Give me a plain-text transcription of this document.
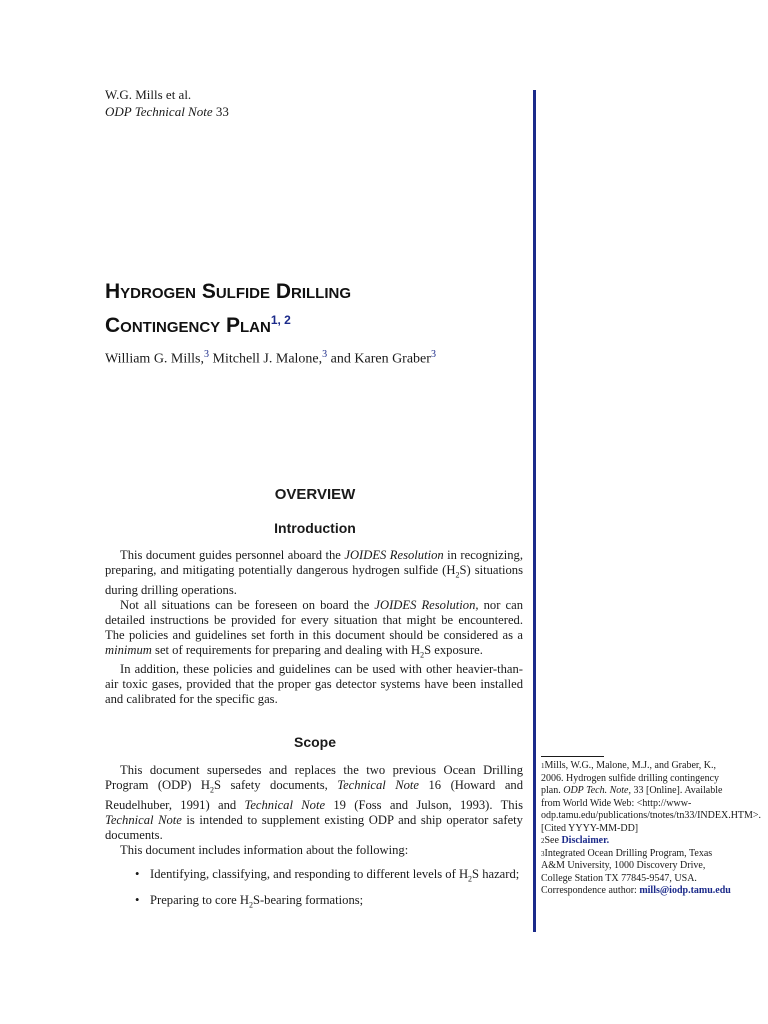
W.G. Mills et al.
ODP Technical Note 33
Hydrogen Sulfide Drilling
Contingency Plan$^{1, 2}$
William G. Mills,$^3$ Mitchell J. Malone,$^3$ and Karen Graber$^3$
OVERVIEW
Introduction

This document guides personnel aboard the JOIDES Resolution in recognizing, preparing, and mitigating potentially dangerous hydrogen sulfide $(H_2S)$ situations during drilling operations.

Not all situations can be foreseen on board the JOIDES Resolution, nor can detailed instructions be provided for every situation that might be encountered. The policies and guidelines set forth in this document should be considered as a minimum set of requirements for preparing and dealing with $H_2S$ exposure.

In addition, these policies and guidelines can be used with other heavier-than-air toxic gases, provided that the proper gas detector systems have been installed and calibrated for the specific gas.

Scope

This document supersedes and replaces the two previous Ocean Drilling Program (ODP) $H_2S$ safety documents, Technical Note 16 (Howard and Reudelhuber, 1991) and Technical Note 19 (Foss and Julson, 1993). This Technical Note is intended to supplement existing ODP and ship operator safety documents.

This document includes information about the following:

• Identifying, classifying, and responding to different levels of $H_2S$ hazard;
• Preparing to core $H_2S$-bearing formations;

$^1$Mills, W.G., Malone, M.J., and Graber, K., 2006. Hydrogen sulfide drilling contingency plan. ODP Tech. Note, 33 [Online]. Available from World Wide Web: <http://www-odp.tamu.edu/publications/tnotes/tn33/INDEX.HTM>. [Cited YYYY-MM-DD]

$^2$See Disclaimer.

$^3$Integrated Ocean Drilling Program, Texas A&M University, 1000 Discovery Drive, College Station TX 77845-9547, USA. Correspondence author: mills@iodp.tamu.edu
